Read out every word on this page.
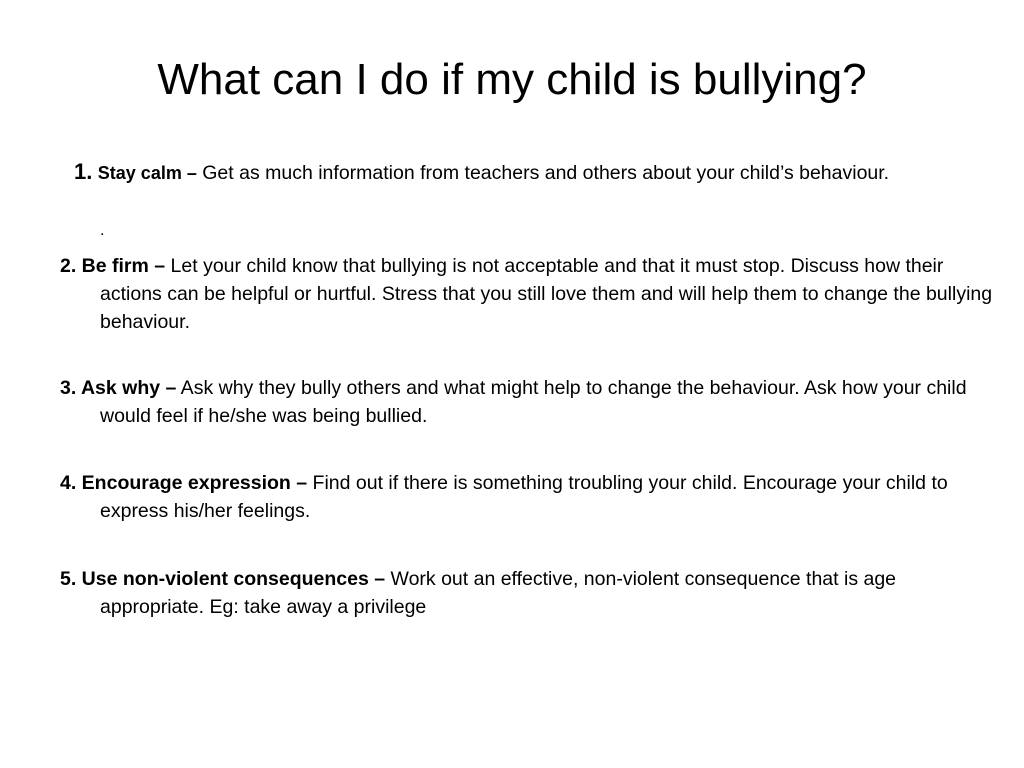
What can I do if my child is bullying?

1. Stay calm – Get as much information from teachers and others about your child’s behaviour.

.

2. Be firm – Let your child know that bullying is not acceptable and that it must stop. Discuss how their actions can be helpful or hurtful. Stress that you still love them and will help them to change the bullying behaviour.

3. Ask why – Ask why they bully others and what might help to change the behaviour. Ask how your child would feel if he/she was being bullied.

4. Encourage expression – Find out if there is something troubling your child. Encourage your child to express his/her feelings.

5. Use non-violent consequences – Work out an effective, non-violent consequence that is age appropriate. Eg: take away a privilege
